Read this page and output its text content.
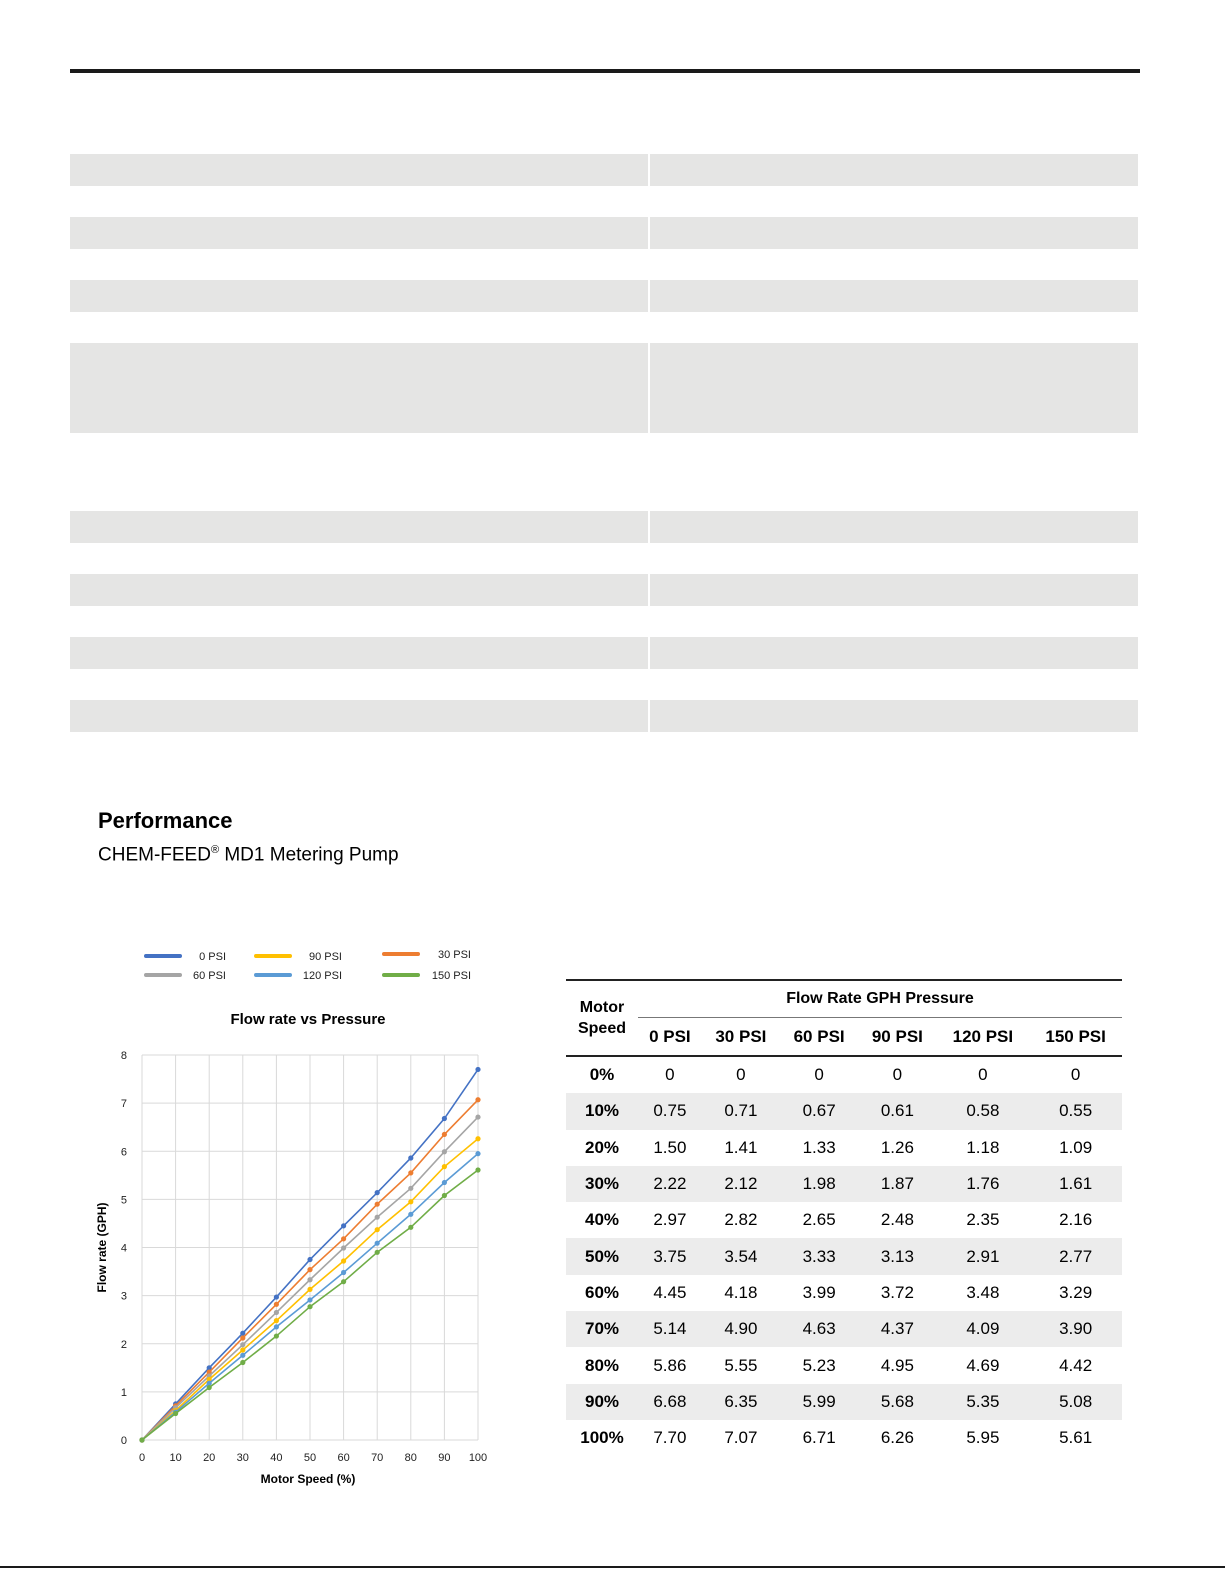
Performance
CHEM-FEED® MD1 Metering Pump
0 10 20 30 40 50 60 70 80 90 100
0
1
2
3
4
5
6
7
8
Flow rate vs Pressure
Motor Speed (%)
Flow rate (GPH)
0 PSI	90 PSI	30 PSI
60 PSI	120 PSI	150 PSI
Motor
Speed	Flow Rate GPH Pressure					
	0 PSI	30 PSI	60 PSI	90 PSI	120 PSI	150 PSI
0%	0	0	0	0	0	0
10%	0.75	0.71	0.67	0.61	0.58	0.55
20%	1.50	1.41	1.33	1.26	1.18	1.09
30%	2.22	2.12	1.98	1.87	1.76	1.61
40%	2.97	2.82	2.65	2.48	2.35	2.16
50%	3.75	3.54	3.33	3.13	2.91	2.77
60%	4.45	4.18	3.99	3.72	3.48	3.29
70%	5.14	4.90	4.63	4.37	4.09	3.90
80%	5.86	5.55	5.23	4.95	4.69	4.42
90%	6.68	6.35	5.99	5.68	5.35	5.08
100%	7.70	7.07	6.71	6.26	5.95	5.61
